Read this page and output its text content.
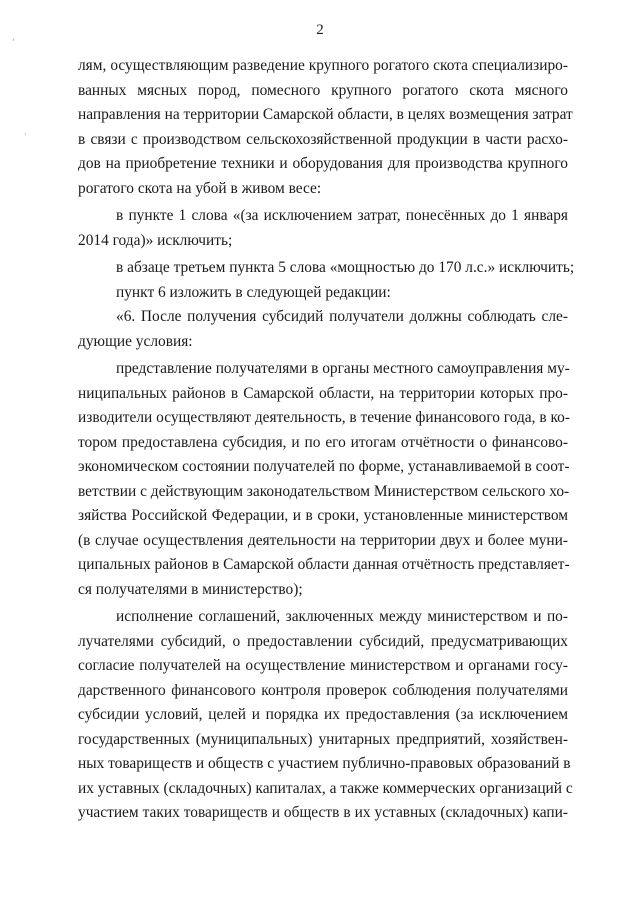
2
'
·
лям, осуществляющим разведение крупного рогатого скота специализиро-
ванных мясных пород, помесного крупного рогатого скота мясного
направления на территории Самарской области, в целях возмещения затрат
в связи с производством сельскохозяйственной продукции в части расхо-
дов на приобретение техники и оборудования для производства крупного
рогатого скота на убой в живом весе:
в пункте 1 слова «(за исключением затрат, понесённых до 1 января
2014 года)» исключить;
в абзаце третьем пункта 5 слова «мощностью до 170 л.с.» исключить;
пункт 6 изложить в следующей редакции:
«6. После получения субсидий получатели должны соблюдать сле-
дующие условия:
представление получателями в органы местного самоуправления му-
ниципальных районов в Самарской области, на территории которых про-
изводители осуществляют деятельность, в течение финансового года, в ко-
тором предоставлена субсидия, и по его итогам отчётности о финансово-
экономическом состоянии получателей по форме, устанавливаемой в соот-
ветствии с действующим законодательством Министерством сельского хо-
зяйства Российской Федерации, и в сроки, установленные министерством
(в случае осуществления деятельности на территории двух и более муни-
ципальных районов в Самарской области данная отчётность представляет-
ся получателями в министерство);
исполнение соглашений, заключенных между министерством и по-
лучателями субсидий, о предоставлении субсидий, предусматривающих
согласие получателей на осуществление министерством и органами госу-
дарственного финансового контроля проверок соблюдения получателями
субсидии условий, целей и порядка их предоставления (за исключением
государственных (муниципальных) унитарных предприятий, хозяйствен-
ных товариществ и обществ с участием публично-правовых образований в
их уставных (складочных) капиталах, а также коммерческих организаций с
участием таких товариществ и обществ в их уставных (складочных) капи-
